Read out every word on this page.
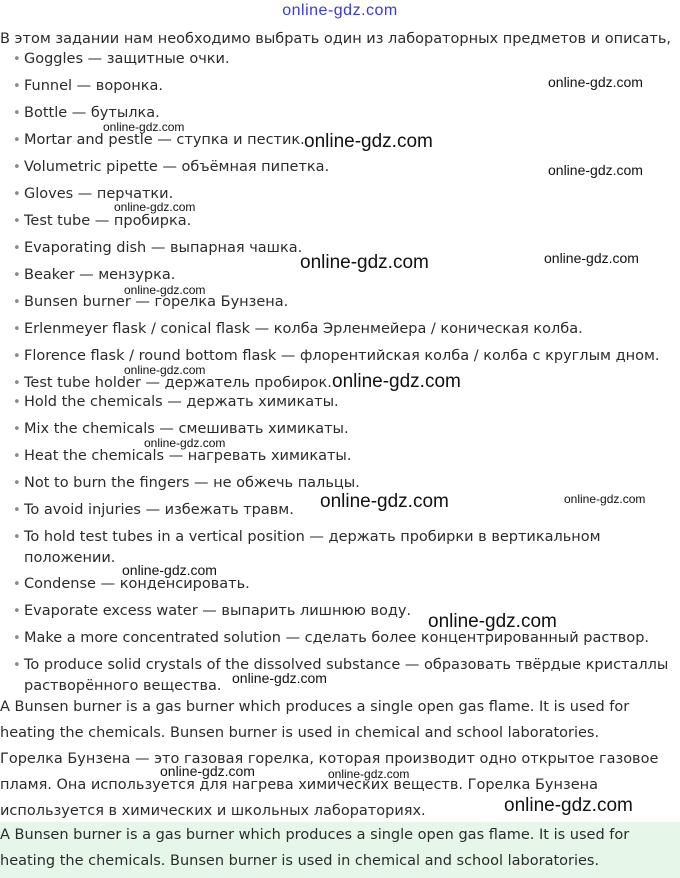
online-gdz.com
В этом задании нам необходимо выбрать один из лабораторных предметов и описать,
• Goggles — защитные очки.
• Funnel — воронка.
• Bottle — бутылка.
• Mortar and pestle — ступка и пестик.
• Volumetric pipette — объёмная пипетка.
• Gloves — перчатки.
• Test tube — пробирка.
• Evaporating dish — выпарная чашка.
• Beaker — мензурка.
• Bunsen burner — горелка Бунзена.
• Erlenmeyer flask / conical flask — колба Эрленмейера / коническая колба.
• Florence flask / round bottom flask — флорентийская колба / колба с круглым дном.
• Test tube holder — держатель пробирок.
• Hold the chemicals — держать химикаты.
• Mix the chemicals — смешивать химикаты.
• Heat the chemicals — нагревать химикаты.
• Not to burn the fingers — не обжечь пальцы.
• To avoid injuries — избежать травм.
• To hold test tubes in a vertical position — держать пробирки в вертикальном
положении.
• Condense — конденсировать.
• Evaporate excess water — выпарить лишнюю воду.
• Make a more concentrated solution — сделать более концентрированный раствор.
• To produce solid crystals of the dissolved substance — образовать твёрдые кристаллы
растворённого вещества.
A Bunsen burner is a gas burner which produces a single open gas flame. It is used for
heating the chemicals. Bunsen burner is used in chemical and school laboratories.
Горелка Бунзена — это газовая горелка, которая производит одно открытое газовое
пламя. Она используется для нагрева химических веществ. Горелка Бунзена
используется в химических и школьных лабораториях.
A Bunsen burner is a gas burner which produces a single open gas flame. It is used for
heating the chemicals. Bunsen burner is used in chemical and school laboratories.
online-gdz.com
online-gdz.com
online-gdz.com
online-gdz.com
online-gdz.com
online-gdz.com	online-gdz.com
online-gdz.com
online-gdz.com
online-gdz.com
online-gdz.com
online-gdz.com	online-gdz.com
online-gdz.com
online-gdz.com
online-gdz.com
online-gdz.com	online-gdz.com
online-gdz.com
